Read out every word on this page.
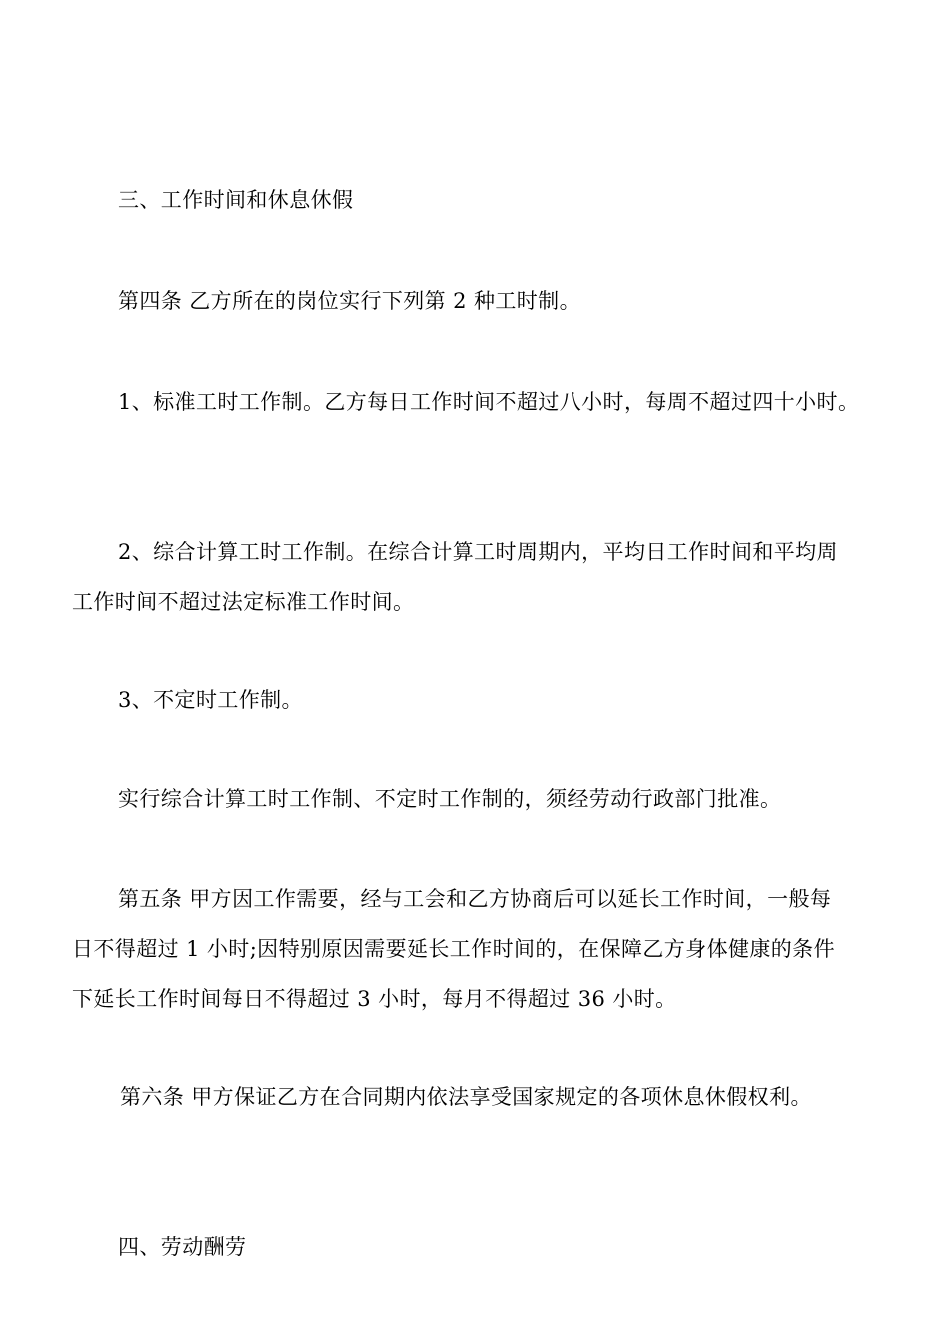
三、工作时间和休息休假
第四条 乙方所在的岗位实行下列第 2 种工时制。
1、标准工时工作制。乙方每日工作时间不超过八小时，每周不超过四十小时。
2、综合计算工时工作制。在综合计算工时周期内，平均日工作时间和平均周
工作时间不超过法定标准工作时间。
3、不定时工作制。
实行综合计算工时工作制、不定时工作制的，须经劳动行政部门批准。
第五条 甲方因工作需要，经与工会和乙方协商后可以延长工作时间，一般每
日不得超过 1 小时;因特别原因需要延长工作时间的，在保障乙方身体健康的条件
下延长工作时间每日不得超过 3 小时，每月不得超过 36 小时。
第六条 甲方保证乙方在合同期内依法享受国家规定的各项休息休假权利。
四、劳动酬劳
